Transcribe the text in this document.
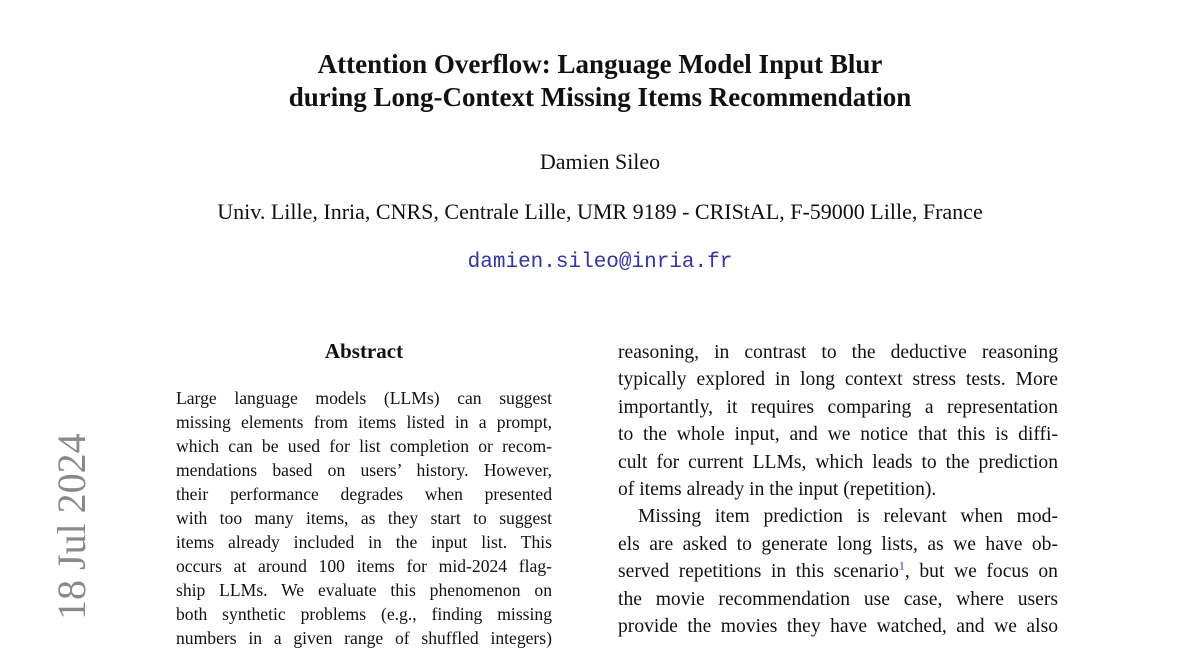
Attention Overflow: Language Model Input Blur
during Long-Context Missing Items Recommendation
Damien Sileo
Univ. Lille, Inria, CNRS, Centrale Lille, UMR 9189 - CRIStAL, F-59000 Lille, France
damien.sileo@inria.fr
18 Jul 2024
Abstract
Large language models (LLMs) can suggest
missing elements from items listed in a prompt,
which can be used for list completion or recom-
mendations based on users’ history. However,
their performance degrades when presented
with too many items, as they start to suggest
items already included in the input list. This
occurs at around 100 items for mid-2024 flag-
ship LLMs. We evaluate this phenomenon on
both synthetic problems (e.g., finding missing
numbers in a given range of shuffled integers)
reasoning, in contrast to the deductive reasoning
typically explored in long context stress tests. More
importantly, it requires comparing a representation
to the whole input, and we notice that this is diffi-
cult for current LLMs, which leads to the prediction
of items already in the input (repetition).
Missing item prediction is relevant when mod-
els are asked to generate long lists, as we have ob-
served repetitions in this scenario$^1$, but we focus on
the movie recommendation use case, where users
provide the movies they have watched, and we also
